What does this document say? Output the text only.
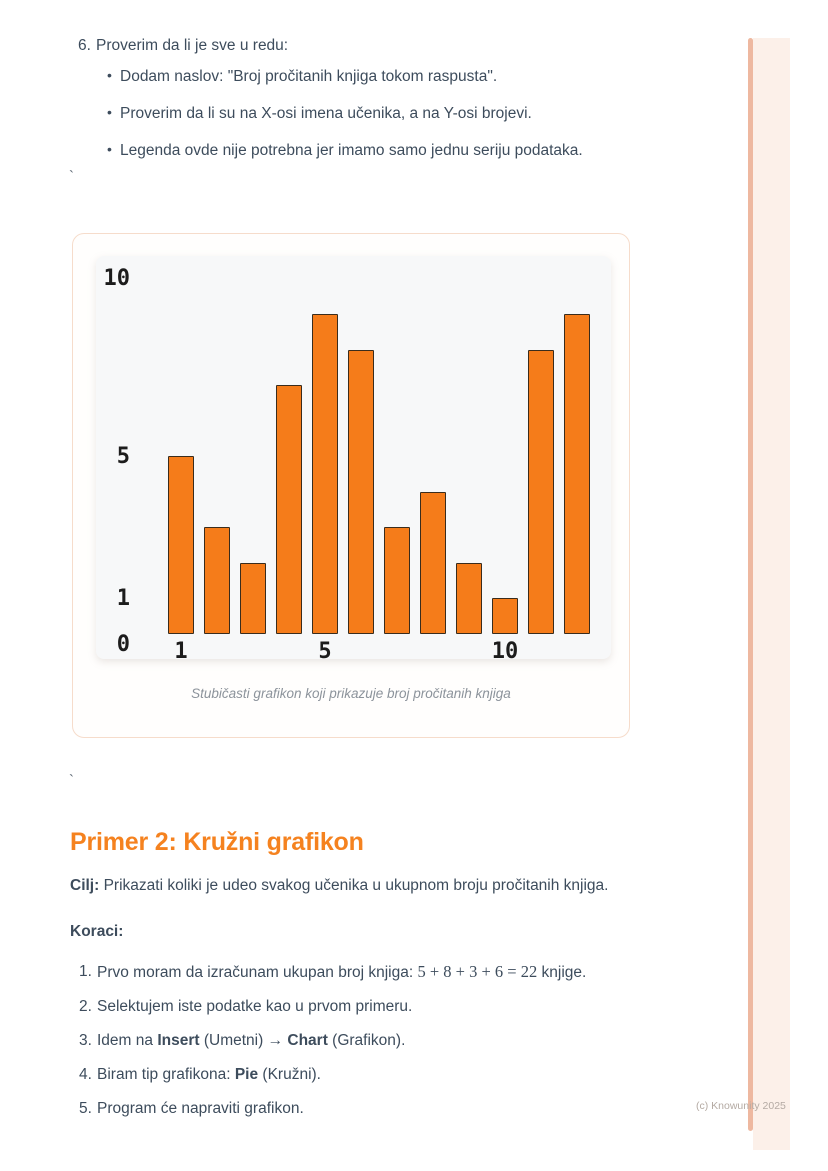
6. Proverim da li je sve u redu:
• Dodam naslov: "Broj pročitanih knjiga tokom raspusta".
• Proverim da li su na X-osi imena učenika, a na Y-osi brojevi.
• Legenda ovde nije potrebna jer imamo samo jednu seriju podataka.
`
0
1
5
10
1	5	10
Stubičasti grafikon koji prikazuje broj pročitanih knjiga
`
Primer 2: Kružni grafikon

Cilj: Prikazati koliki je udeo svakog učenika u ukupnom broju pročitanih knjiga.

Koraci:

1. Prvo moram da izračunam ukupan broj knjiga: 5 + 8 + 3 + 6 = 22 knjige.
2. Selektujem iste podatke kao u prvom primeru.
3. Idem na Insert (Umetni) → Chart (Grafikon).
4. Biram tip grafikona: Pie (Kružni).
5. Program će napraviti grafikon.	(c) Knowunity 2025
